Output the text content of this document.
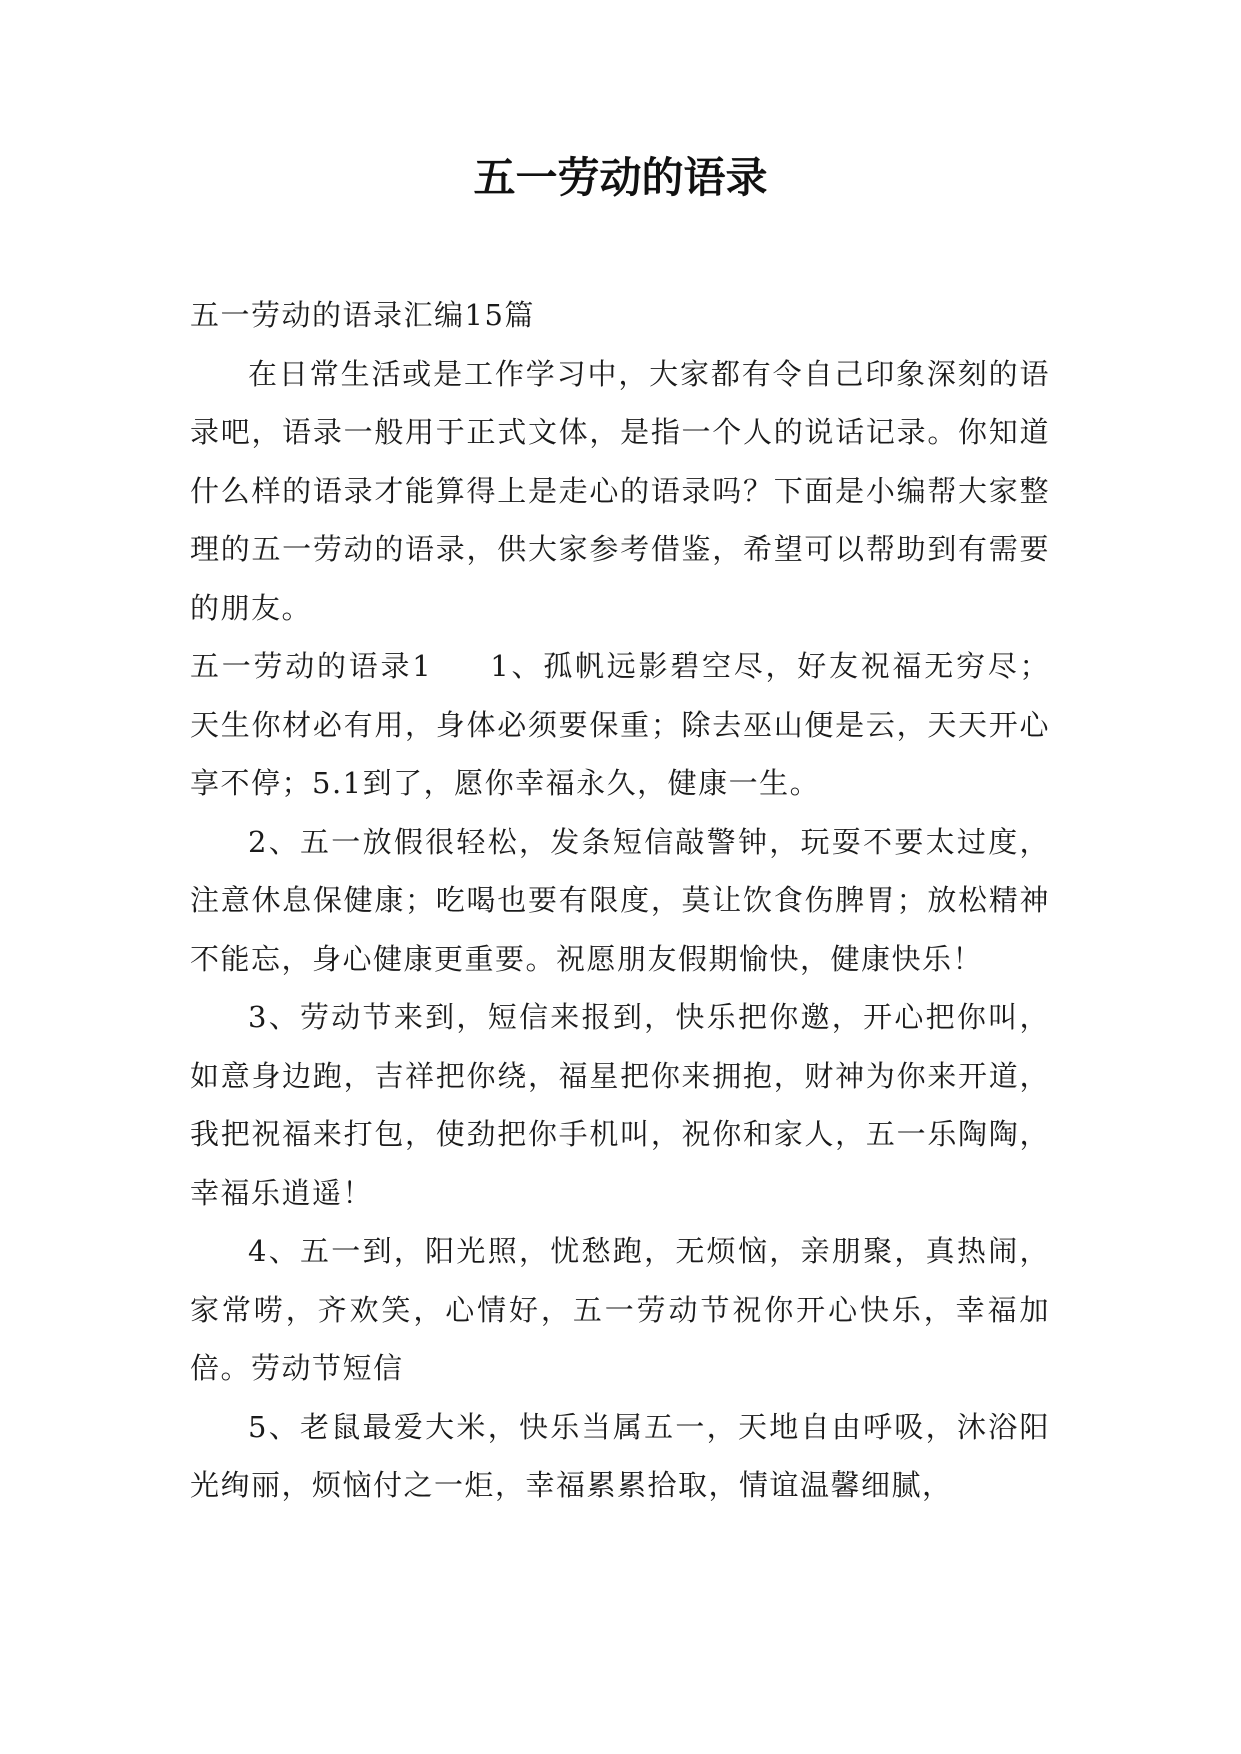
五一劳动的语录

五一劳动的语录汇编15篇

在日常生活或是工作学习中，大家都有令自己印象深刻的语录吧，语录一般用于正式文体，是指一个人的说话记录。你知道什么样的语录才能算得上是走心的语录吗？下面是小编帮大家整理的五一劳动的语录，供大家参考借鉴，希望可以帮助到有需要的朋友。

五一劳动的语录1 1、孤帆远影碧空尽，好友祝福无穷尽；天生你材必有用，身体必须要保重；除去巫山便是云，天天开心享不停；5.1到了，愿你幸福永久，健康一生。

2、五一放假很轻松，发条短信敲警钟，玩耍不要太过度，注意休息保健康；吃喝也要有限度，莫让饮食伤脾胃；放松精神不能忘，身心健康更重要。祝愿朋友假期愉快，健康快乐！

3、劳动节来到，短信来报到，快乐把你邀，开心把你叫，如意身边跑，吉祥把你绕，福星把你来拥抱，财神为你来开道，我把祝福来打包，使劲把你手机叫，祝你和家人，五一乐陶陶，幸福乐逍遥！

4、五一到，阳光照，忧愁跑，无烦恼，亲朋聚，真热闹，家常唠，齐欢笑，心情好，五一劳动节祝你开心快乐，幸福加倍。劳动节短信

5、老鼠最爱大米，快乐当属五一，天地自由呼吸，沐浴阳光绚丽，烦恼付之一炬，幸福累累拾取，情谊温馨细腻，
